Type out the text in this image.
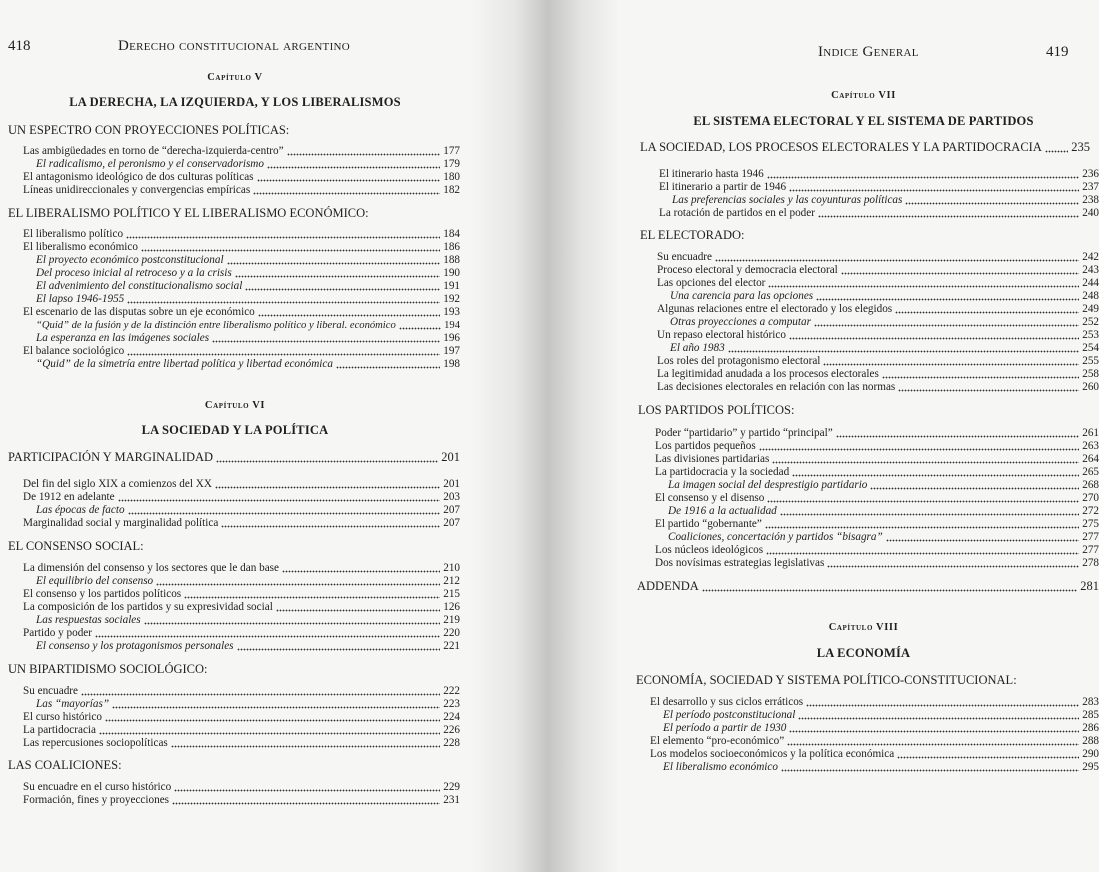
418	Derecho constitucional argentino
Capítulo V
LA DERECHA, LA IZQUIERDA, Y LOS LIBERALISMOS
UN ESPECTRO CON PROYECCIONES POLÍTICAS:
Las ambigüedades en torno de “derecha-izquierda-centro”	177
El radicalismo, el peronismo y el conservadorismo	179
El antagonismo ideológico de dos culturas políticas	180
Líneas unidireccionales y convergencias empíricas	182
EL LIBERALISMO POLÍTICO Y EL LIBERALISMO ECONÓMICO:
El liberalismo político	184
El liberalismo económico	186
El proyecto económico postconstitucional	188
Del proceso inicial al retroceso y a la crisis	190
El advenimiento del constitucionalismo social	191
El lapso 1946-1955	192
El escenario de las disputas sobre un eje económico	193
“Quid” de la fusión y de la distinción entre liberalismo político y liberal. económico	194
La esperanza en las imágenes sociales	196
El balance sociológico	197
“Quid” de la simetría entre libertad política y libertad económica	198
Capítulo VI
LA SOCIEDAD Y LA POLÍTICA
PARTICIPACIÓN Y MARGINALIDAD	201
Del fin del siglo XIX a comienzos del XX	201
De 1912 en adelante	203
Las épocas de facto	207
Marginalidad social y marginalidad política	207
EL CONSENSO SOCIAL:
La dimensión del consenso y los sectores que le dan base	210
El equilibrio del consenso	212
El consenso y los partidos políticos	215
La composición de los partidos y su expresividad social	126
Las respuestas sociales	219
Partido y poder	220
El consenso y los protagonismos personales	221
UN BIPARTIDISMO SOCIOLÓGICO:
Su encuadre	222
Las “mayorías”	223
El curso histórico	224
La partidocracia	226
Las repercusiones sociopolíticas	228
LAS COALICIONES:
Su encuadre en el curso histórico	229
Formación, fines y proyecciones	231
Indice General	419
Capítulo VII
EL SISTEMA ELECTORAL Y EL SISTEMA DE PARTIDOS
LA SOCIEDAD, LOS PROCESOS ELECTORALES Y LA PARTIDOCRACIA 235
El itinerario hasta 1946	236
El itinerario a partir de 1946	237
Las preferencias sociales y las coyunturas políticas	238
La rotación de partidos en el poder	240
EL ELECTORADO:
Su encuadre	242
Proceso electoral y democracia electoral	243
Las opciones del elector	244
Una carencia para las opciones	248
Algunas relaciones entre el electorado y los elegidos	249
Otras proyecciones a computar	252
Un repaso electoral histórico	253
El año 1983	254
Los roles del protagonismo electoral	255
La legitimidad anudada a los procesos electorales	258
Las decisiones electorales en relación con las normas	260
LOS PARTIDOS POLÍTICOS:
Poder “partidario” y partido “principal”	261
Los partidos pequeños	263
Las divisiones partidarias	264
La partidocracia y la sociedad	265
La imagen social del desprestigio partidario	268
El consenso y el disenso	270
De 1916 a la actualidad	272
El partido “gobernante”	275
Coaliciones, concertación y partidos “bisagra”	277
Los núcleos ideológicos	277
Dos novísimas estrategias legislativas	278
ADDENDA	281
Capítulo VIII
LA ECONOMÍA
ECONOMÍA, SOCIEDAD Y SISTEMA POLÍTICO-CONSTITUCIONAL:
El desarrollo y sus ciclos erráticos	283
El período postconstitucional	285
El período a partir de 1930	286
El elemento “pro-económico”	288
Los modelos socioeconómicos y la política económica	290
El liberalismo económico	295
